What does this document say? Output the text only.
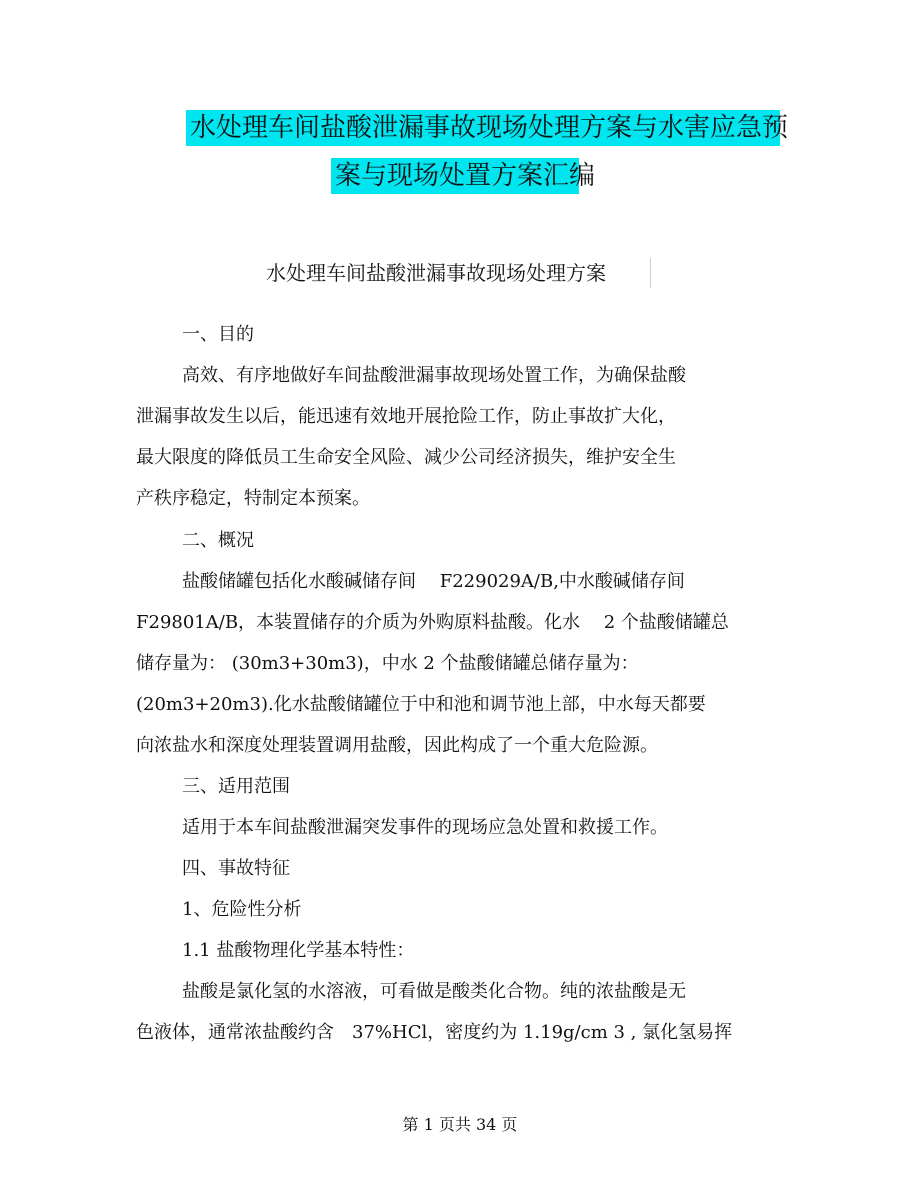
水处理车间盐酸泄漏事故现场处理方案与水害应急预
案与现场处置方案汇编
水处理车间盐酸泄漏事故现场处理方案
一、目的
高效、有序地做好车间盐酸泄漏事故现场处置工作，为确保盐酸
泄漏事故发生以后，能迅速有效地开展抢险工作，防止事故扩大化，
最大限度的降低员工生命安全风险、减少公司经济损失，维护安全生
产秩序稳定，特制定本预案。
二、概况
盐酸储罐包括化水酸碱储存间　 F229029A/B,中水酸碱储存间
F29801A/B，本装置储存的介质为外购原料盐酸。化水　 2 个盐酸储罐总
储存量为： (30m3+30m3)，中水 2 个盐酸储罐总储存量为：
(20m3+20m3).化水盐酸储罐位于中和池和调节池上部，中水每天都要
向浓盐水和深度处理装置调用盐酸，因此构成了一个重大危险源。
三、适用范围
适用于本车间盐酸泄漏突发事件的现场应急处置和救援工作。
四、事故特征
1、危险性分析
1.1 盐酸物理化学基本特性：
盐酸是氯化氢的水溶液，可看做是酸类化合物。纯的浓盐酸是无
色液体，通常浓盐酸约含　37%HCl，密度约为 1.19g/cm 3 , 氯化氢易挥
第 1 页共 34 页
